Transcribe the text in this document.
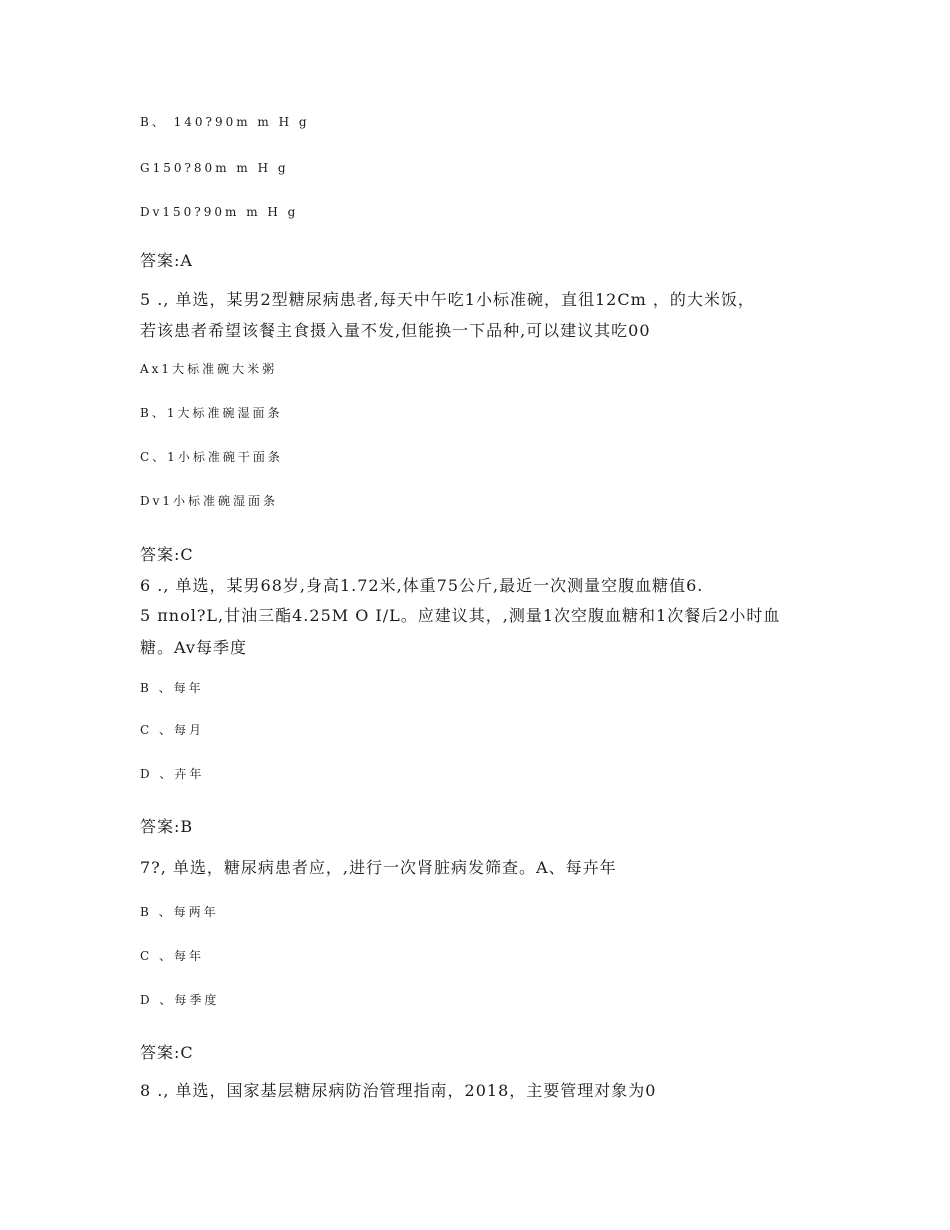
B、 140?90m m H g
G150?80m m H g
Dv150?90m m H g
答案:A
5 ., 单选，某男2型糖尿病患者,每天中午吃1小标准碗，直徂12Cm ，的大米饭，
若该患者希望该餐主食摄入量不发,但能换一下品种,可以建议其吃00
Ax1大标准碗大米粥
B、1大标准碗湿面条
C、1小标准碗干面条
Dv1小标准碗湿面条
答案:C
6 ., 单选，某男68岁,身高1.72米,体重75公斤,最近一次测量空腹血糖值6.
5 πnol?L,甘油三酯4.25M O I/L。应建议其，,测量1次空腹血糖和1次餐后2小时血
糖。Av每季度
B 、每年
C 、每月
D 、卉年
答案:B
7?, 单选，糖尿病患者应，,进行一次肾脏病发筛查。A、每卉年
B 、每两年
C 、每年
D 、每季度
答案:C
8 ., 单选，国家基层糖尿病防治管理指南，2018，主要管理对象为0
